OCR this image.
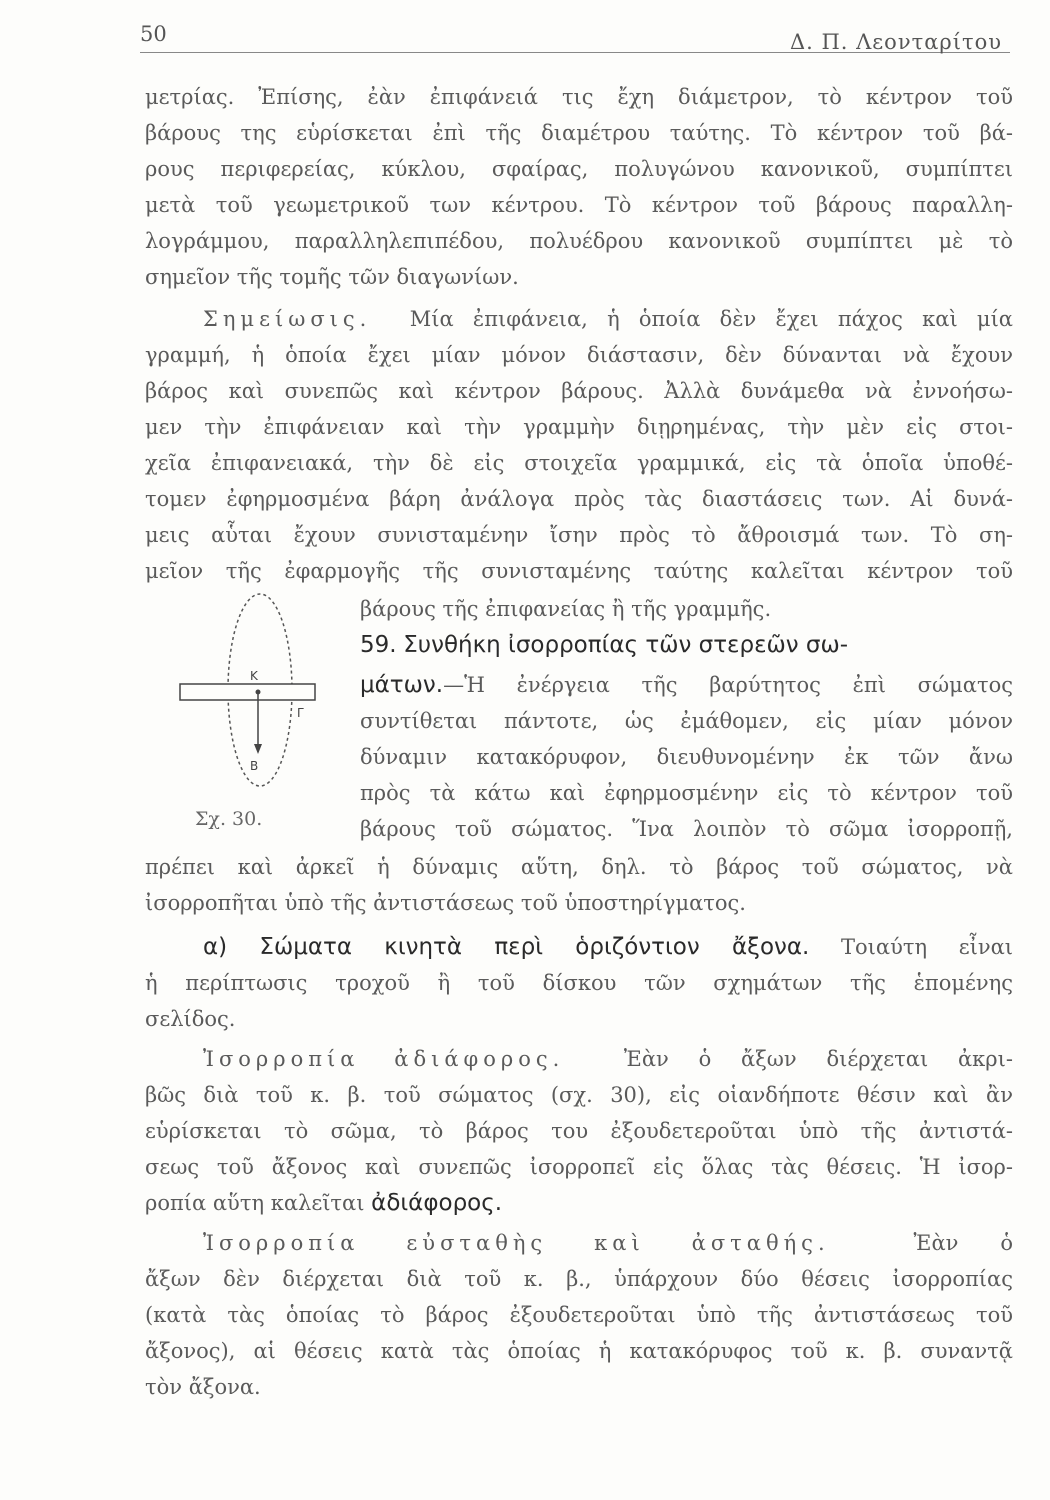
50	Δ. Π. Λεονταρίτου
μετρίας. Ἐπίσης, ἐὰν ἐπιφάνειά τις ἔχη διάμετρον, τὸ κέντρον τοῦ
βάρους της εὑρίσκεται ἐπὶ τῆς διαμέτρου ταύτης. Τὸ κέντρον τοῦ βά-
ρους περιφερείας, κύκλου, σφαίρας, πολυγώνου κανονικοῦ, συμπίπτει
μετὰ τοῦ γεωμετρικοῦ των κέντρου. Τὸ κέντρον τοῦ βάρους παραλλη-
λογράμμου, παραλληλεπιπέδου, πολυέδρου κανονικοῦ συμπίπτει μὲ τὸ
σημεῖον τῆς τομῆς τῶν διαγωνίων.
Σημείωσις. Μία ἐπιφάνεια, ἡ ὁποία δὲν ἔχει πάχος καὶ μία
γραμμή, ἡ ὁποία ἔχει μίαν μόνον διάστασιν, δὲν δύνανται νὰ ἔχουν
βάρος καὶ συνεπῶς καὶ κέντρον βάρους. Ἀλλὰ δυνάμεθα νὰ ἐννοήσω-
μεν τὴν ἐπιφάνειαν καὶ τὴν γραμμὴν διῃρημένας, τὴν μὲν εἰς στοι-
χεῖα ἐπιφανειακά, τὴν δὲ εἰς στοιχεῖα γραμμικά, εἰς τὰ ὁποῖα ὑποθέ-
τομεν ἐφηρμοσμένα βάρη ἀνάλογα πρὸς τὰς διαστάσεις των. Αἱ δυνά-
μεις αὗται ἔχουν συνισταμένην ἴσην πρὸς τὸ ἄθροισμά των. Τὸ ση-
μεῖον τῆς ἐφαρμογῆς τῆς συνισταμένης ταύτης καλεῖται κέντρον τοῦ
βάρους τῆς ἐπιφανείας ἢ τῆς γραμμῆς.
59. Συνθήκη ἰσορροπίας τῶν στερεῶν σω-
μάτων.—Ἡ ἐνέργεια τῆς βαρύτητος ἐπὶ σώματος
συντίθεται πάντοτε, ὡς ἐμάθομεν, εἰς μίαν μόνον
δύναμιν κατακόρυφον, διευθυνομένην ἐκ τῶν ἄνω
πρὸς τὰ κάτω καὶ ἐφηρμοσμένην εἰς τὸ κέντρον τοῦ
βάρους τοῦ σώματος. Ἵνα λοιπὸν τὸ σῶμα ἰσορροπῇ,
πρέπει καὶ ἀρκεῖ ἡ δύναμις αὕτη, δηλ. τὸ βάρος τοῦ σώματος, νὰ
ἰσορροπῆται ὑπὸ τῆς ἀντιστάσεως τοῦ ὑποστηρίγματος.
α) Σώματα κινητὰ περὶ ὁριζόντιον ἄξονα. Τοιαύτη εἶναι
ἡ περίπτωσις τροχοῦ ἢ τοῦ δίσκου τῶν σχημάτων τῆς ἑπομένης
σελίδος.
Ἰσορροπία ἀδιάφορος.	Ἐὰν ὁ ἄξων διέρχεται ἀκρι-
βῶς διὰ τοῦ κ. β. τοῦ σώματος (σχ. 30), εἰς οἱανδήποτε θέσιν καὶ ἂν
εὑρίσκεται τὸ σῶμα, τὸ βάρος του ἐξουδετεροῦται ὑπὸ τῆς ἀντιστά-
σεως τοῦ ἄξονος καὶ συνεπῶς ἰσορροπεῖ εἰς ὅλας τὰς θέσεις. Ἡ ἰσορ-
ροπία αὕτη καλεῖται ἀδιάφορος.
Ἰσορροπία εὐσταθὴς καὶ ἀσταθής.	Ἐὰν ὁ
ἄξων δὲν διέρχεται διὰ τοῦ κ. β., ὑπάρχουν δύο θέσεις ἰσορροπίας
(κατὰ τὰς ὁποίας τὸ βάρος ἐξουδετεροῦται ὑπὸ τῆς ἀντιστάσεως τοῦ
ἄξονος), αἱ θέσεις κατὰ τὰς ὁποίας ἡ κατακόρυφος τοῦ κ. β. συναντᾷ
τὸν ἄξονα.
Κ
Γ
Β
Σχ. 30.
